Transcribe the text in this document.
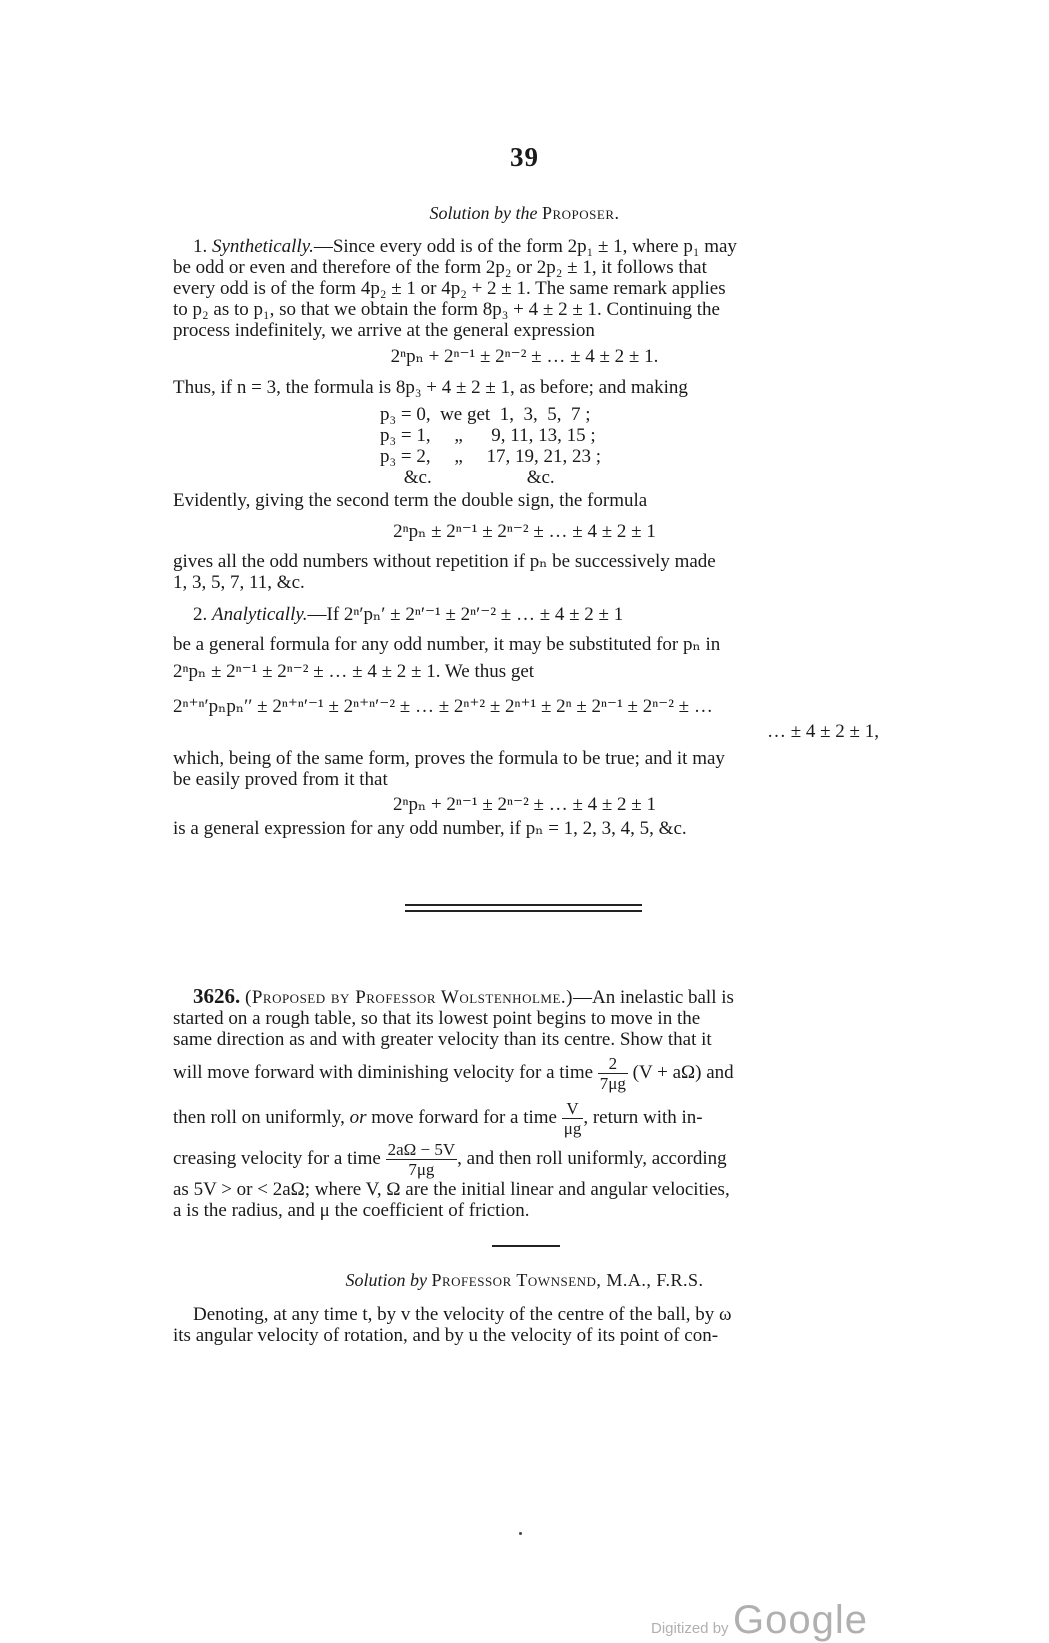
39
Solution by the Proposer.
1. Synthetically.—Since every odd is of the form 2p₁ ± 1, where p₁ may
be odd or even and therefore of the form 2p₂ or 2p₂ ± 1, it follows that
every odd is of the form 4p₂ ± 1 or 4p₂ + 2 ± 1. The same remark applies
to p₂ as to p₁, so that we obtain the form 8p₃ + 4 ± 2 ± 1. Continuing the
process indefinitely, we arrive at the general expression
2ⁿpₙ + 2ⁿ⁻¹ ± 2ⁿ⁻² ± … ± 4 ± 2 ± 1.
Thus, if n = 3, the formula is 8p₃ + 4 ± 2 ± 1, as before; and making
p₃ = 0,  we get  1,  3,  5,  7 ;
p₃ = 1,     „      9, 11, 13, 15 ;
p₃ = 2,     „     17, 19, 21, 23 ;
&c.                    &c.
Evidently, giving the second term the double sign, the formula
2ⁿpₙ ± 2ⁿ⁻¹ ± 2ⁿ⁻² ± … ± 4 ± 2 ± 1
gives all the odd numbers without repetition if pₙ be successively made
1, 3, 5, 7, 11, &c.
2. Analytically.—If 2ⁿ′pₙ′ ± 2ⁿ′⁻¹ ± 2ⁿ′⁻² ± … ± 4 ± 2 ± 1
be a general formula for any odd number, it may be substituted for pₙ in
2ⁿpₙ ± 2ⁿ⁻¹ ± 2ⁿ⁻² ± … ± 4 ± 2 ± 1. We thus get
2ⁿ⁺ⁿ′pₙpₙ′′ ± 2ⁿ⁺ⁿ′⁻¹ ± 2ⁿ⁺ⁿ′⁻² ± … ± 2ⁿ⁺² ± 2ⁿ⁺¹ ± 2ⁿ ± 2ⁿ⁻¹ ± 2ⁿ⁻² ± …
… ± 4 ± 2 ± 1,
which, being of the same form, proves the formula to be true; and it may
be easily proved from it that
2ⁿpₙ + 2ⁿ⁻¹ ± 2ⁿ⁻² ± … ± 4 ± 2 ± 1
is a general expression for any odd number, if pₙ = 1, 2, 3, 4, 5, &c.
3626. (Proposed by Professor Wolstenholme.)—An inelastic ball is
started on a rough table, so that its lowest point begins to move in the
same direction as and with greater velocity than its centre. Show that it
will move forward with diminishing velocity for a time $\frac{2}{7\mu g} (V + a\Omega)$ and
then roll on uniformly, or move forward for a time $\frac{V}{\mu g}$ , return with in-
creasing velocity for a time $\frac{2a\Omega - 5V}{7\mu g}$ , and then roll uniformly, according
as 5V > or < 2aΩ; where V, Ω are the initial linear and angular velocities,
a is the radius, and μ the coefficient of friction.
Solution by Professor Townsend, M.A., F.R.S.
Denoting, at any time t, by v the velocity of the centre of the ball, by ω
its angular velocity of rotation, and by u the velocity of its point of con-
Digitized by Google
